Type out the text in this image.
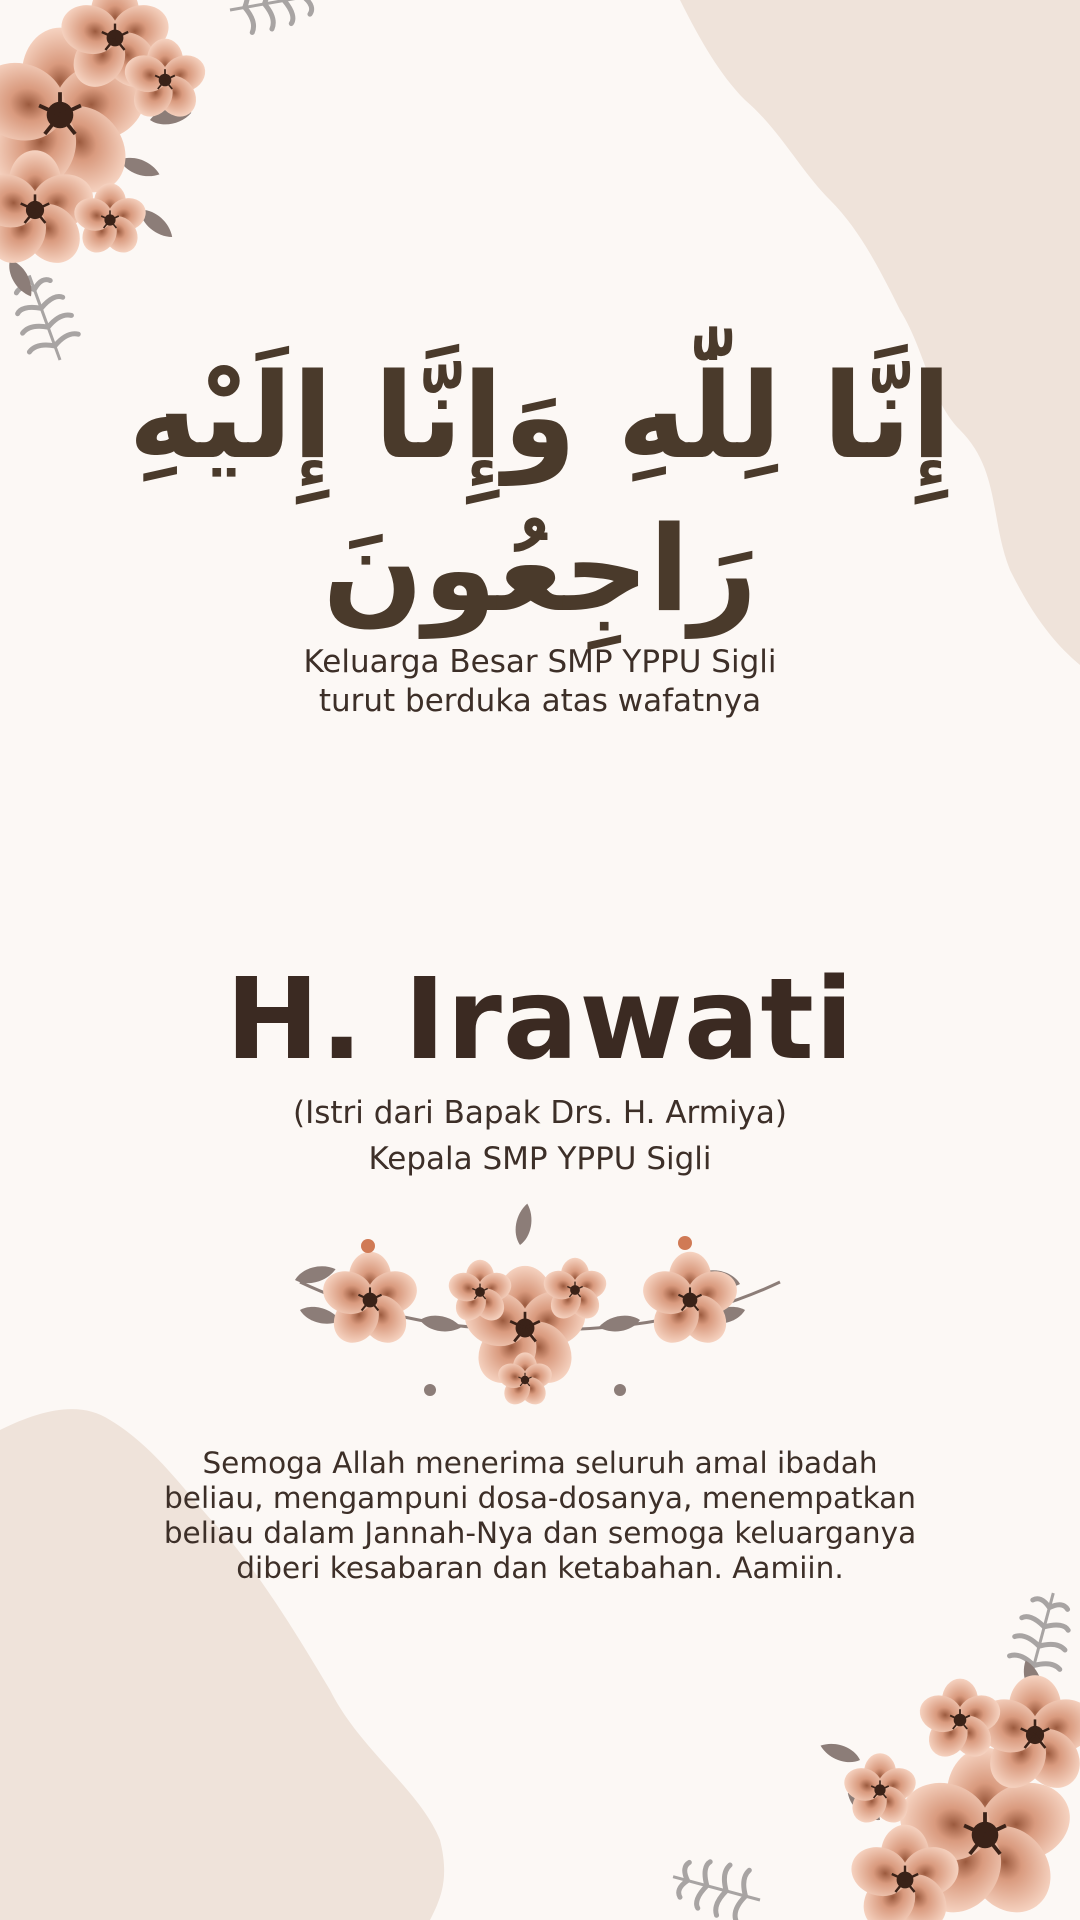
إِنَّا لِلّٰهِ وَإِنَّا إِلَيْهِ رَاجِعُونَ
Keluarga Besar SMP YPPU Sigli
turut berduka atas wafatnya
H. Irawati
(Istri dari Bapak Drs. H. Armiya)
Kepala SMP YPPU Sigli
Semoga Allah menerima seluruh amal ibadah
beliau, mengampuni dosa-dosanya, menempatkan
beliau dalam Jannah-Nya dan semoga keluarganya
diberi kesabaran dan ketabahan. Aamiin.
